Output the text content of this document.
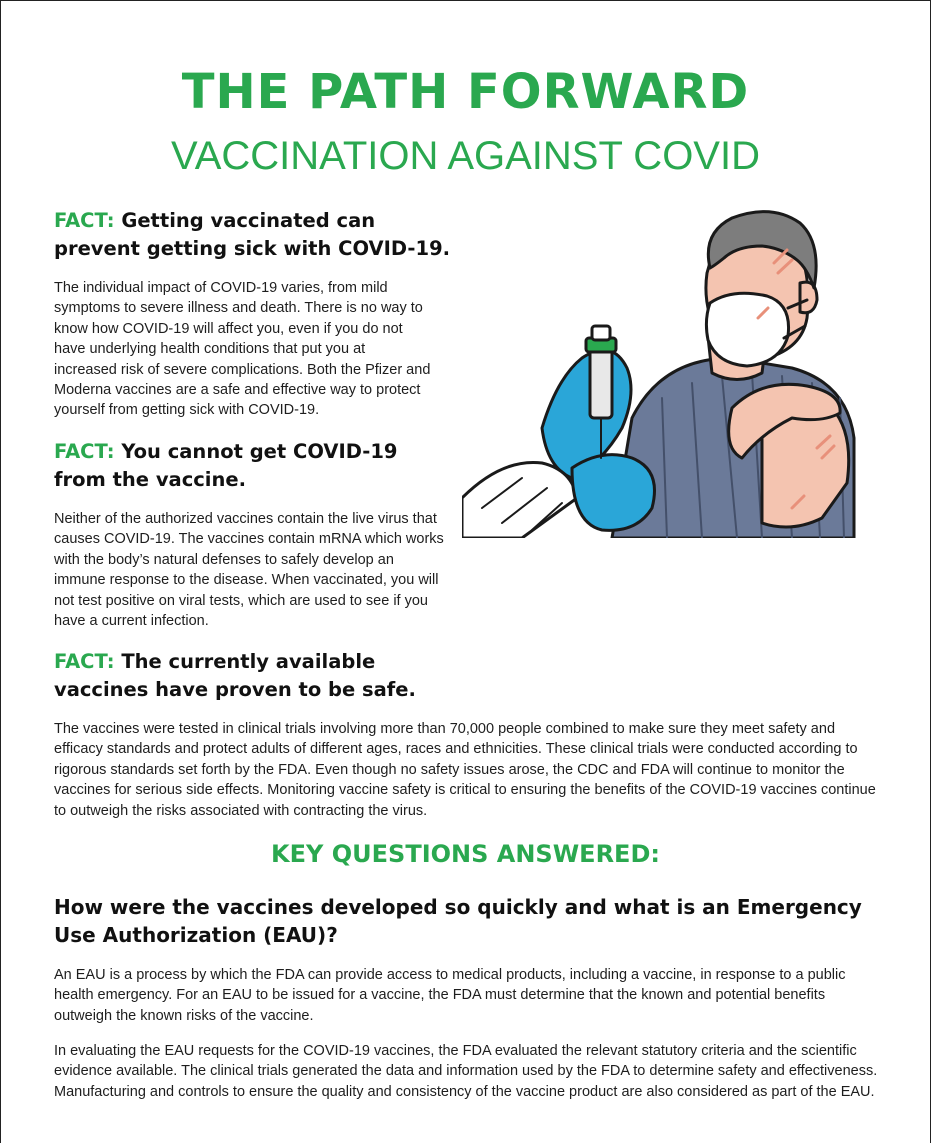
THE PATH FORWARD
VACCINATION AGAINST COVID
FACT: Getting vaccinated can
prevent getting sick with COVID-19.
The individual impact of COVID-19 varies, from mild symptoms to severe illness and death. There is no way to know how COVID-19 will affect you, even if you do not have underlying health conditions that put you at increased risk of severe complications. Both the Pfizer and Moderna vaccines are a safe and effective way to protect yourself from getting sick with COVID-19.
FACT: You cannot get COVID-19
from the vaccine.
Neither of the authorized vaccines contain the live virus that causes COVID-19. The vaccines contain mRNA which works with the body’s natural defenses to safely develop an immune response to the disease. When vaccinated, you will not test positive on viral tests, which are used to see if you have a current infection.
FACT: The currently available
vaccines have proven to be safe.
The vaccines were tested in clinical trials involving more than 70,000 people combined to make sure they meet safety and efficacy standards and protect adults of different ages, races and ethnicities. These clinical trials were conducted according to rigorous standards set forth by the FDA. Even though no safety issues arose, the CDC and FDA will continue to monitor the vaccines for serious side effects. Monitoring vaccine safety is critical to ensuring the benefits of the COVID-19 vaccines continue to outweigh the risks associated with contracting the virus.
KEY QUESTIONS ANSWERED:
How were the vaccines developed so quickly and what is an Emergency Use Authorization (EAU)?
An EAU is a process by which the FDA can provide access to medical products, including a vaccine, in response to a public health emergency. For an EAU to be issued for a vaccine, the FDA must determine that the known and potential benefits outweigh the known risks of the vaccine.
In evaluating the EAU requests for the COVID-19 vaccines, the FDA evaluated the relevant statutory criteria and the scientific evidence available. The clinical trials generated the data and information used by the FDA to determine safety and effectiveness. Manufacturing and controls to ensure the quality and consistency of the vaccine product are also considered as part of the EAU.
